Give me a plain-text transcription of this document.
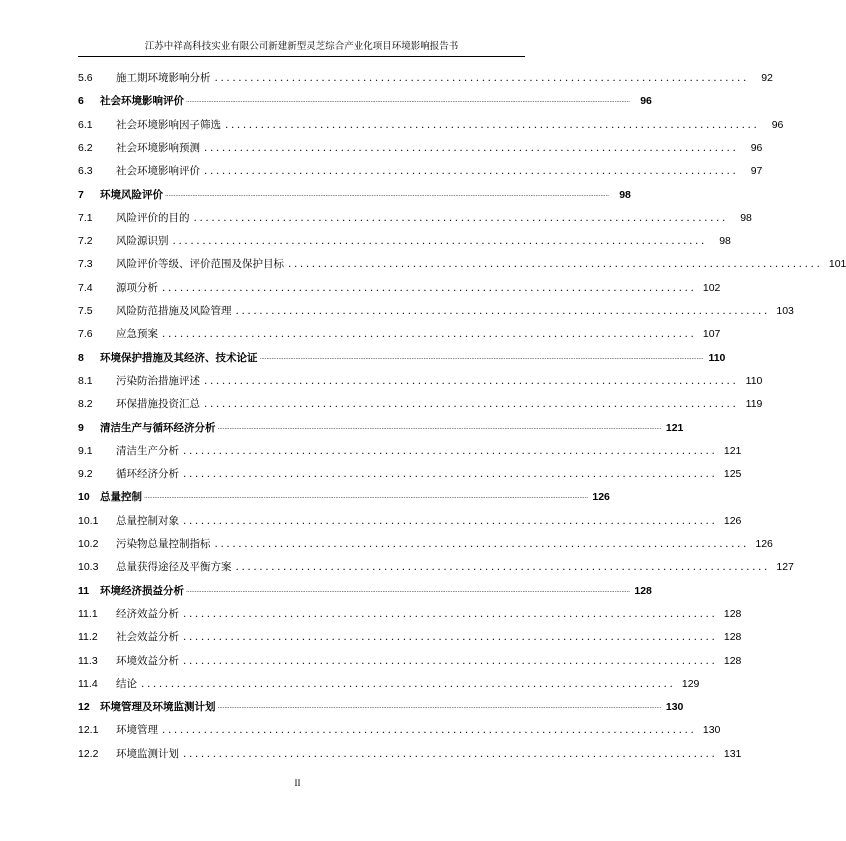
江苏中祥高科技实业有限公司新建新型灵芝综合产业化项目环境影响报告书
5.6	施工期环境影响分析 ..........................................................................................	92
6	社会环境影响评价 .................................................................................................................................................................................................................................................................... 96
6.1	社会环境影响因子筛选 ..........................................................................................	96
6.2	社会环境影响预测 ..........................................................................................	96
6.3	社会环境影响评价 ..........................................................................................	97
7	环境风险评价 .................................................................................................................................................................................................................................................................... 98
7.1	风险评价的目的 ..........................................................................................	98
7.2	风险源识别 ..........................................................................................	98
7.3	风险评价等级、评价范围及保护目标 .......................................................................................... 101
7.4	源项分析 .......................................................................................... 102
7.5	风险防范措施及风险管理 .......................................................................................... 103
7.6	应急预案 .......................................................................................... 107
8	环境保护措施及其经济、技术论证 .................................................................................................................................................................................................................................................................... 110
8.1	污染防治措施评述 .......................................................................................... 110
8.2	环保措施投资汇总 .......................................................................................... 119
9	清洁生产与循环经济分析 .................................................................................................................................................................................................................................................................... 121
9.1	清洁生产分析 .......................................................................................... 121
9.2	循环经济分析 .......................................................................................... 125
10 总量控制 .................................................................................................................................................................................................................................................................... 126
10.1	总量控制对象 .......................................................................................... 126
10.2	污染物总量控制指标 .......................................................................................... 126
10.3	总量获得途径及平衡方案 .......................................................................................... 127
11	环境经济损益分析 .................................................................................................................................................................................................................................................................... 128
11.1	经济效益分析 .......................................................................................... 128
11.2	社会效益分析 .......................................................................................... 128
11.3	环境效益分析 .......................................................................................... 128
11.4	结论 .......................................................................................... 129
12 环境管理及环境监测计划 .................................................................................................................................................................................................................................................................... 130
12.1	环境管理 .......................................................................................... 130
12.2	环境监测计划 .......................................................................................... 131
II
